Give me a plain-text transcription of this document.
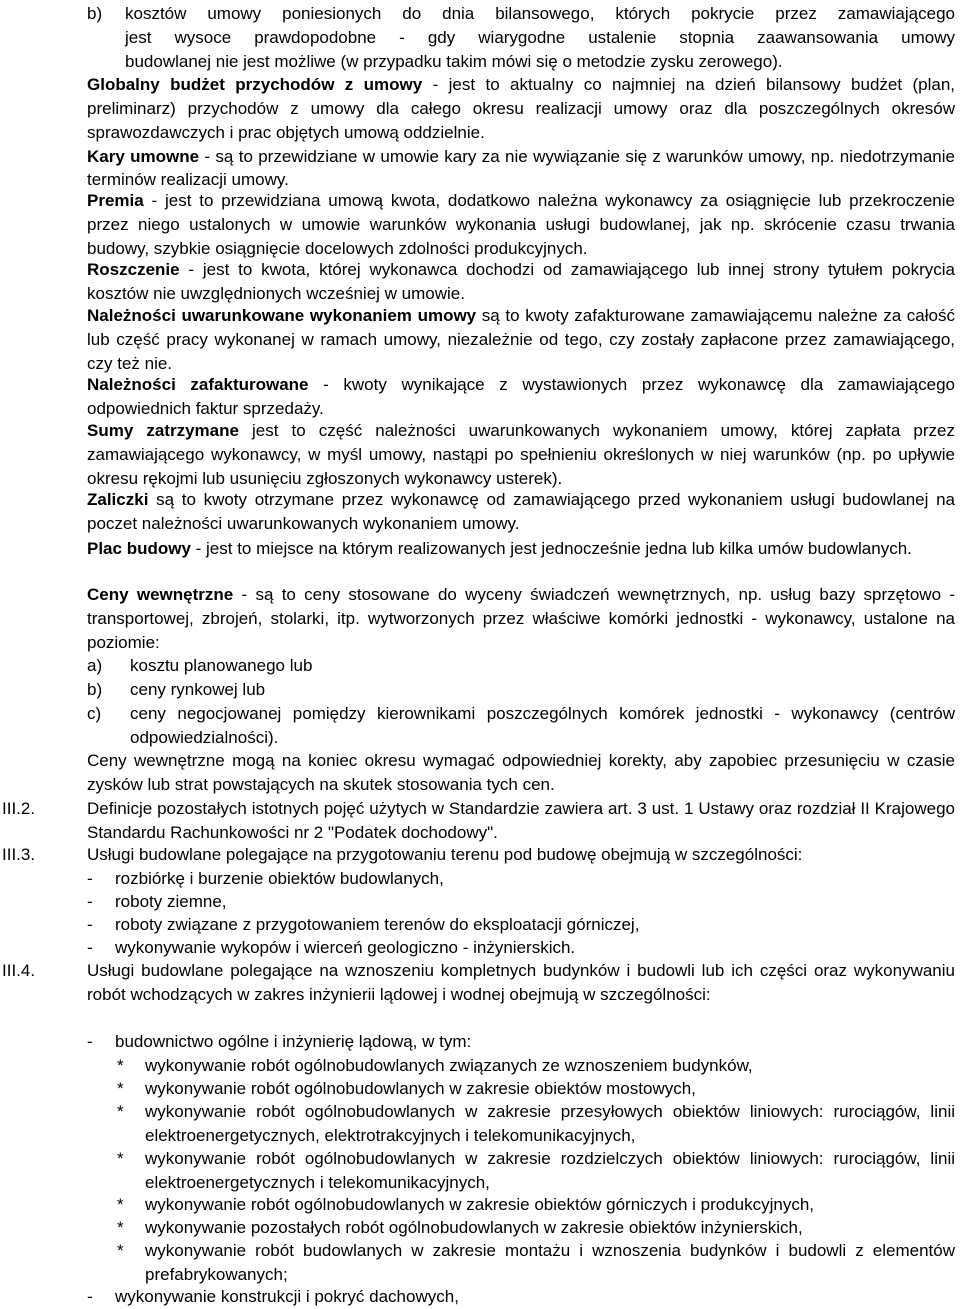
b) kosztów umowy poniesionych do dnia bilansowego, których pokrycie przez zamawiającego
jest wysoce prawdopodobne - gdy wiarygodne ustalenie stopnia zaawansowania umowy
budowlanej nie jest możliwe (w przypadku takim mówi się o metodzie zysku zerowego).
Globalny budżet przychodów z umowy - jest to aktualny co najmniej na dzień bilansowy budżet (plan, preliminarz) przychodów z umowy dla całego okresu realizacji umowy oraz dla poszczególnych okresów sprawozdawczych i prac objętych umową oddzielnie.
Kary umowne - są to przewidziane w umowie kary za nie wywiązanie się z warunków umowy, np. niedotrzymanie terminów realizacji umowy.
Premia - jest to przewidziana umową kwota, dodatkowo należna wykonawcy za osiągnięcie lub przekroczenie przez niego ustalonych w umowie warunków wykonania usługi budowlanej, jak np. skrócenie czasu trwania budowy, szybkie osiągnięcie docelowych zdolności produkcyjnych.
Roszczenie - jest to kwota, której wykonawca dochodzi od zamawiającego lub innej strony tytułem pokrycia kosztów nie uwzględnionych wcześniej w umowie.
Należności uwarunkowane wykonaniem umowy są to kwoty zafakturowane zamawiającemu należne za całość lub część pracy wykonanej w ramach umowy, niezależnie od tego, czy zostały zapłacone przez zamawiającego, czy też nie.
Należności zafakturowane - kwoty wynikające z wystawionych przez wykonawcę dla zamawiającego odpowiednich faktur sprzedaży.
Sumy zatrzymane jest to część należności uwarunkowanych wykonaniem umowy, której zapłata przez zamawiającego wykonawcy, w myśl umowy, nastąpi po spełnieniu określonych w niej warunków (np. po upływie okresu rękojmi lub usunięciu zgłoszonych wykonawcy usterek).
Zaliczki są to kwoty otrzymane przez wykonawcę od zamawiającego przed wykonaniem usługi budowlanej na poczet należności uwarunkowanych wykonaniem umowy.
Plac budowy - jest to miejsce na którym realizowanych jest jednocześnie jedna lub kilka umów budowlanych.
Ceny wewnętrzne - są to ceny stosowane do wyceny świadczeń wewnętrznych, np. usług bazy sprzętowo - transportowej, zbrojeń, stolarki, itp. wytworzonych przez właściwe komórki jednostki - wykonawcy, ustalone na poziomie:
a) kosztu planowanego lub
b) ceny rynkowej lub
c) ceny negocjowanej pomiędzy kierownikami poszczególnych komórek jednostki - wykonawcy (centrów odpowiedzialności).
Ceny wewnętrzne mogą na koniec okresu wymagać odpowiedniej korekty, aby zapobiec przesunięciu w czasie zysków lub strat powstających na skutek stosowania tych cen.
III.2.	Definicje pozostałych istotnych pojęć użytych w Standardzie zawiera art. 3 ust. 1 Ustawy oraz rozdział II Krajowego Standardu Rachunkowości nr 2 "Podatek dochodowy".
III.3.	Usługi budowlane polegające na przygotowaniu terenu pod budowę obejmują w szczególności:
- rozbiórkę i burzenie obiektów budowlanych,
- roboty ziemne,
- roboty związane z przygotowaniem terenów do eksploatacji górniczej,
- wykonywanie wykopów i wierceń geologiczno - inżynierskich.
III.4.	Usługi budowlane polegające na wznoszeniu kompletnych budynków i budowli lub ich części oraz wykonywaniu robót wchodzących w zakres inżynierii lądowej i wodnej obejmują w szczególności:
- budownictwo ogólne i inżynierię lądową, w tym:
* wykonywanie robót ogólnobudowlanych związanych ze wznoszeniem budynków,
* wykonywanie robót ogólnobudowlanych w zakresie obiektów mostowych,
* wykonywanie robót ogólnobudowlanych w zakresie przesyłowych obiektów liniowych: rurociągów, linii elektroenergetycznych, elektrotrakcyjnych i telekomunikacyjnych,
* wykonywanie robót ogólnobudowlanych w zakresie rozdzielczych obiektów liniowych: rurociągów, linii elektroenergetycznych i telekomunikacyjnych,
* wykonywanie robót ogólnobudowlanych w zakresie obiektów górniczych i produkcyjnych,
* wykonywanie pozostałych robót ogólnobudowlanych w zakresie obiektów inżynierskich,
* wykonywanie robót budowlanych w zakresie montażu i wznoszenia budynków i budowli z elementów prefabrykowanych;
- wykonywanie konstrukcji i pokryć dachowych,
